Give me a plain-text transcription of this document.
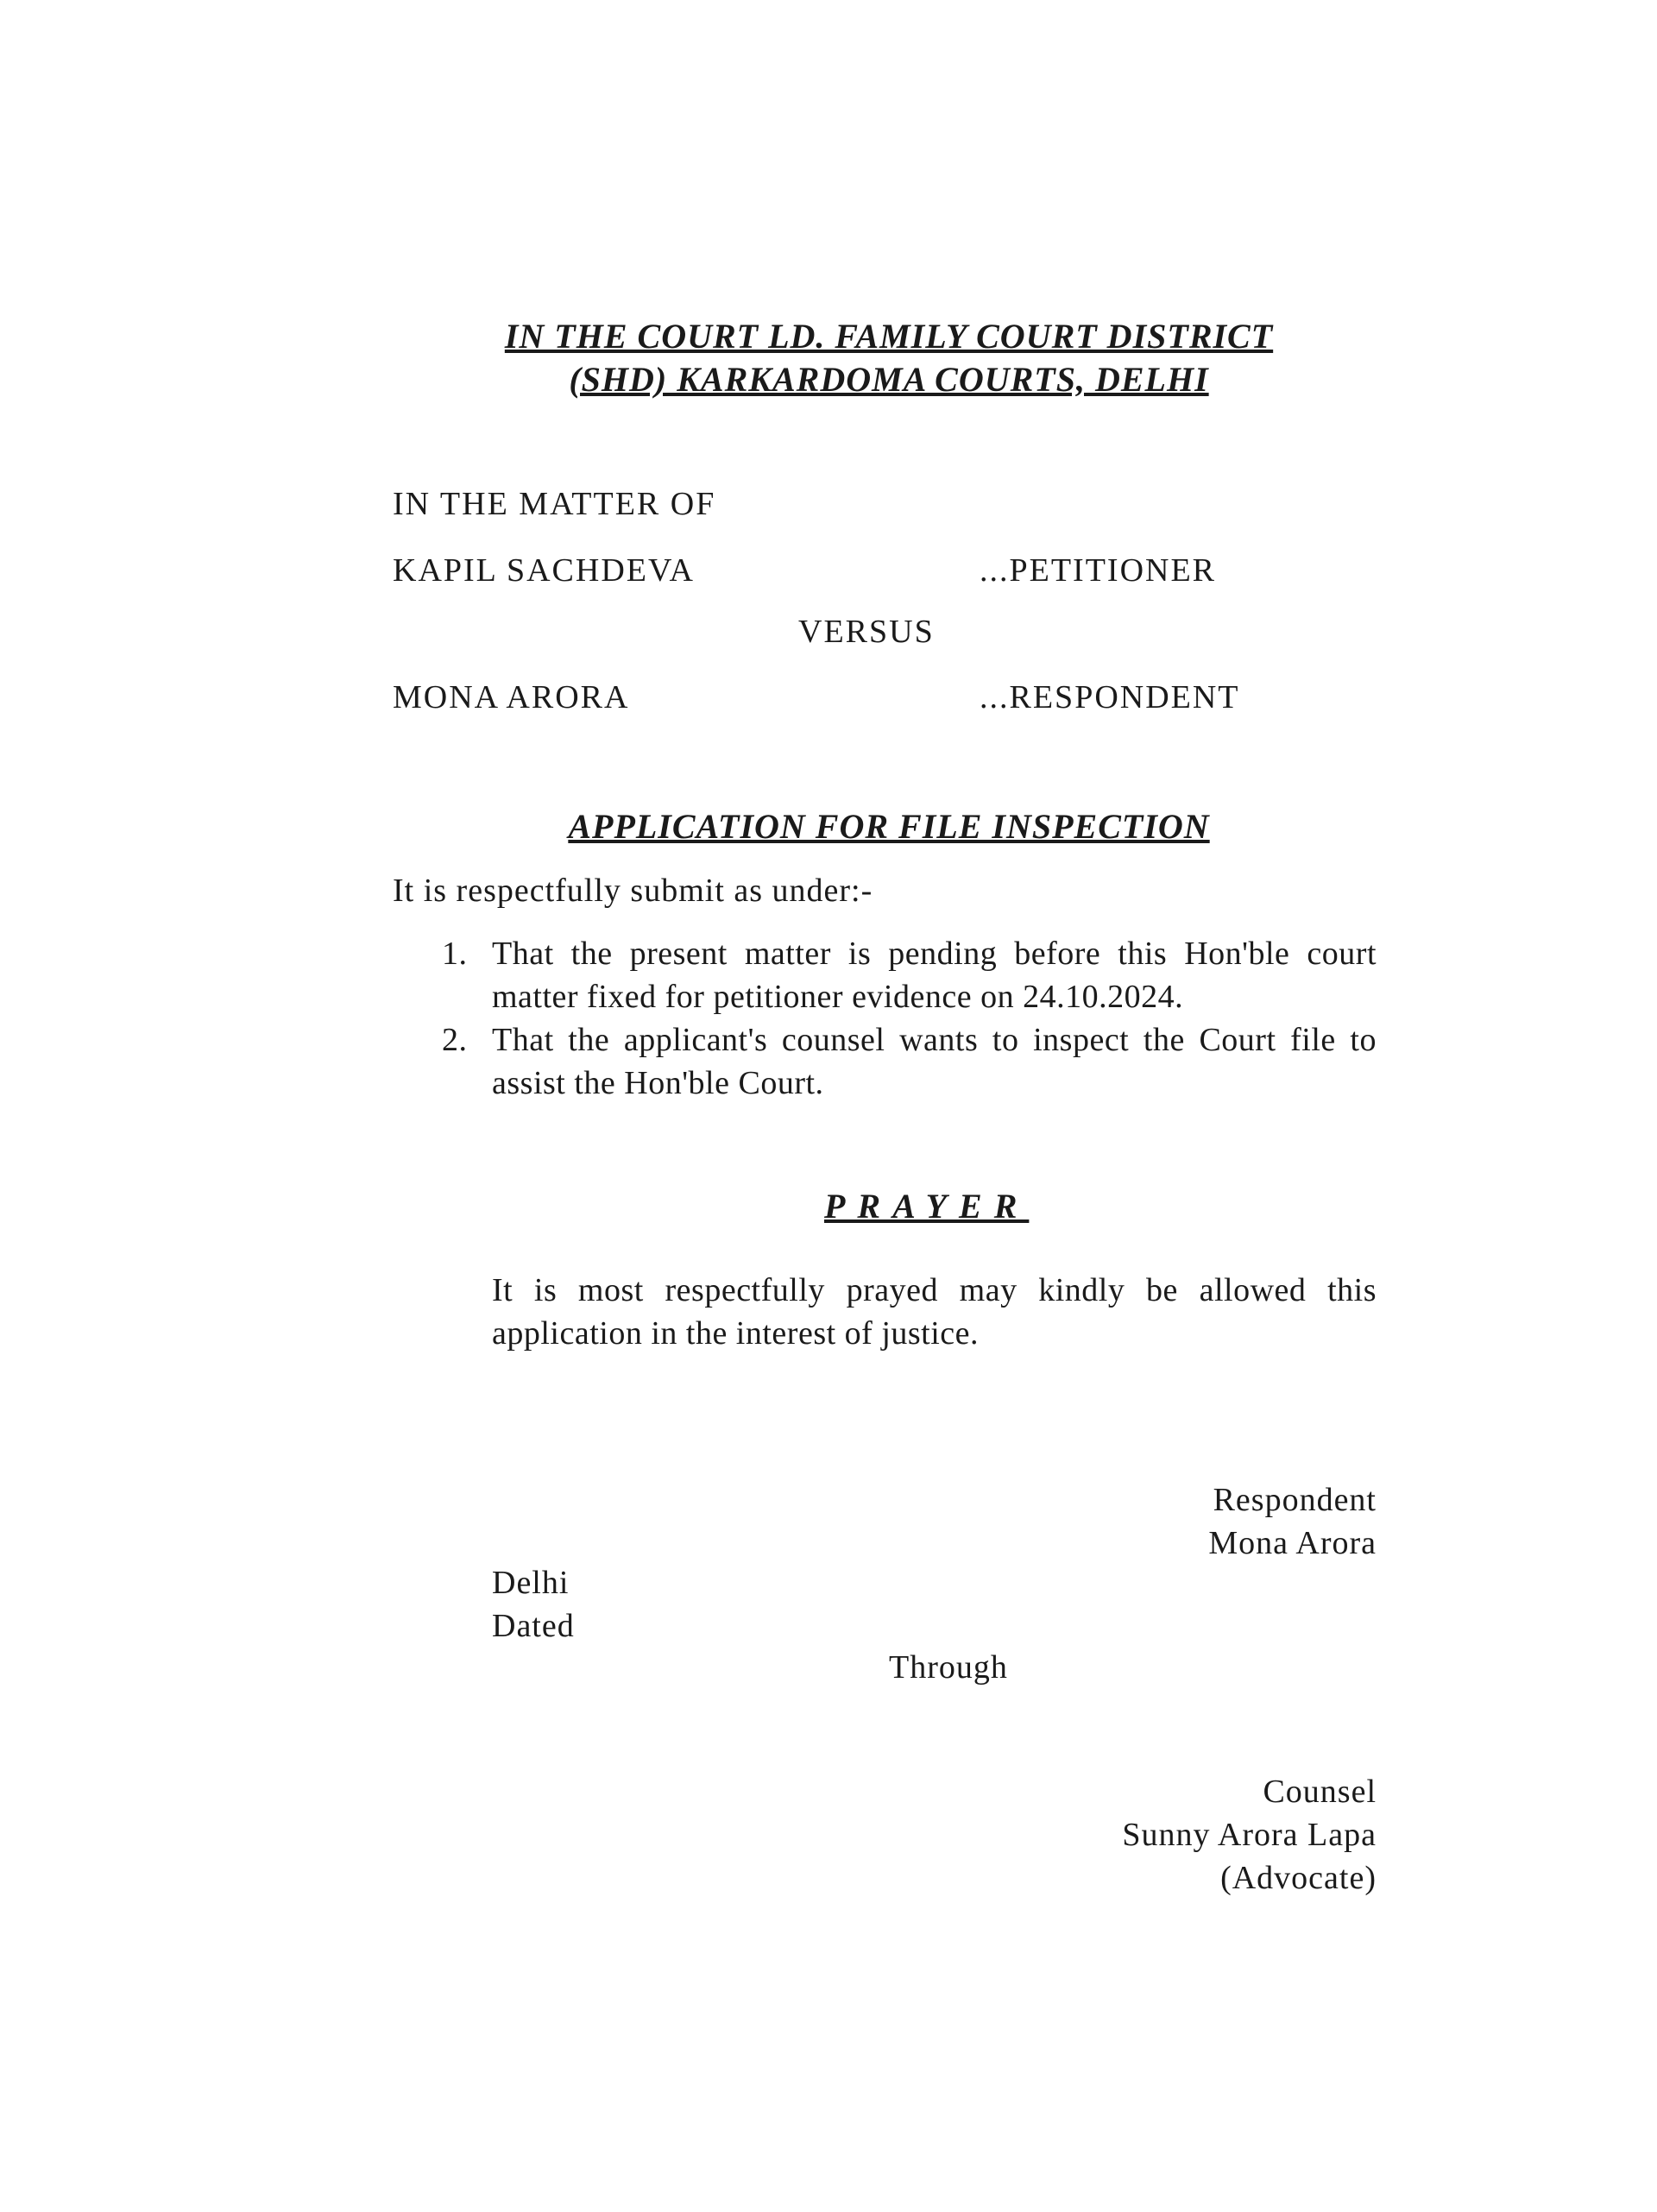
IN THE COURT LD. FAMILY COURT DISTRICT
(SHD) KARKARDOMA COURTS, DELHI
IN THE MATTER OF
KAPIL SACHDEVA	...PETITIONER
VERSUS
MONA ARORA	...RESPONDENT
APPLICATION FOR FILE INSPECTION
It is respectfully submit as under:-
1. That the present matter is pending before this Hon'ble court matter fixed for petitioner evidence on 24.10.2024.
2. That the applicant's counsel wants to inspect the Court file to assist the Hon'ble Court.
PRAYER
It is most respectfully prayed may kindly be allowed this application in the interest of justice.
Respondent
Mona Arora
Delhi
Dated
Through
Counsel
Sunny Arora Lapa
(Advocate)
